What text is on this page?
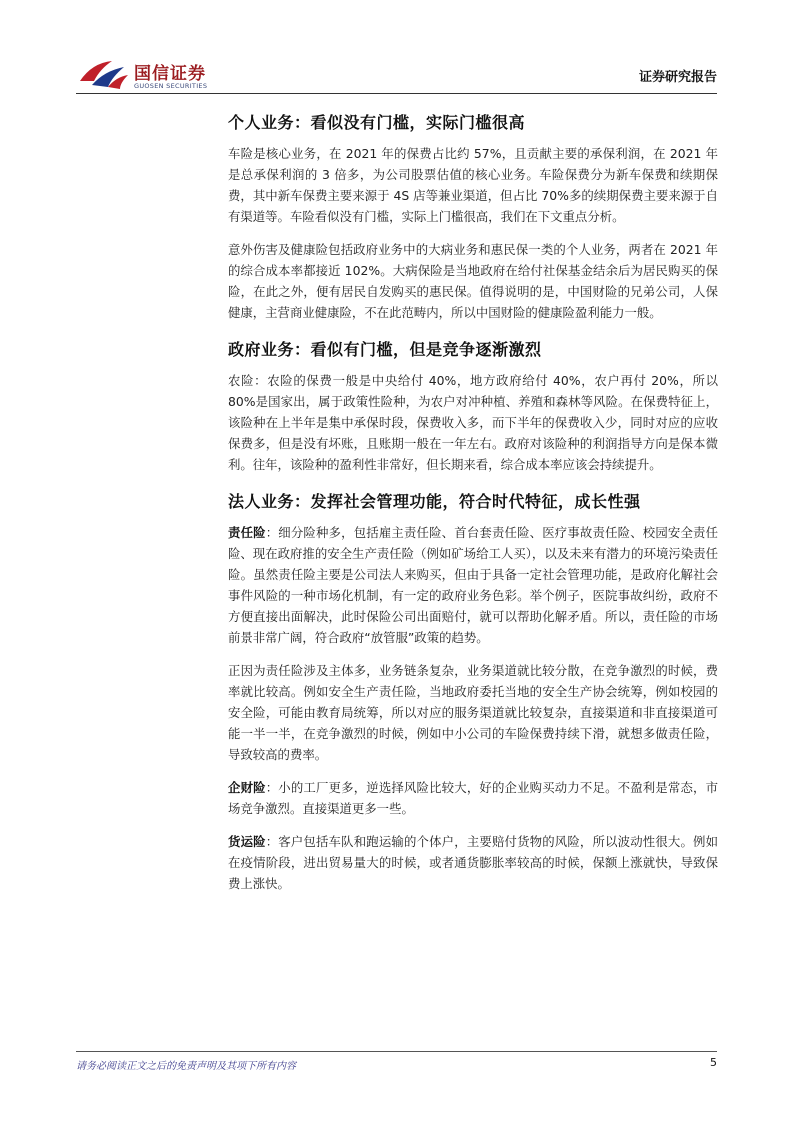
国信证券
GUOSEN SECURITIES
证券研究报告
个人业务：看似没有门槛，实际门槛很高

车险是核心业务，在 2021 年的保费占比约 57%，且贡献主要的承保利润，在 2021 年是总承保利润的 3 倍多，为公司股票估值的核心业务。车险保费分为新车保费和续期保费，其中新车保费主要来源于 4S 店等兼业渠道，但占比 70%多的续期保费主要来源于自有渠道等。车险看似没有门槛，实际上门槛很高，我们在下文重点分析。

意外伤害及健康险包括政府业务中的大病业务和惠民保一类的个人业务，两者在 2021 年的综合成本率都接近 102%。大病保险是当地政府在给付社保基金结余后为居民购买的保险，在此之外，便有居民自发购买的惠民保。值得说明的是，中国财险的兄弟公司，人保健康，主营商业健康险，不在此范畴内，所以中国财险的健康险盈利能力一般。

政府业务：看似有门槛，但是竞争逐渐激烈

农险：农险的保费一般是中央给付 40%，地方政府给付 40%，农户再付 20%，所以 80%是国家出，属于政策性险种，为农户对冲种植、养殖和森林等风险。在保费特征上，该险种在上半年是集中承保时段，保费收入多，而下半年的保费收入少，同时对应的应收保费多，但是没有坏账，且账期一般在一年左右。政府对该险种的利润指导方向是保本微利。往年，该险种的盈利性非常好，但长期来看，综合成本率应该会持续提升。

法人业务：发挥社会管理功能，符合时代特征，成长性强

责任险：细分险种多，包括雇主责任险、首台套责任险、医疗事故责任险、校园安全责任险、现在政府推的安全生产责任险（例如矿场给工人买），以及未来有潜力的环境污染责任险。虽然责任险主要是公司法人来购买，但由于具备一定社会管理功能，是政府化解社会事件风险的一种市场化机制，有一定的政府业务色彩。举个例子，医院事故纠纷，政府不方便直接出面解决，此时保险公司出面赔付，就可以帮助化解矛盾。所以，责任险的市场前景非常广阔，符合政府“放管服”政策的趋势。

正因为责任险涉及主体多，业务链条复杂，业务渠道就比较分散，在竞争激烈的时候，费率就比较高。例如安全生产责任险，当地政府委托当地的安全生产协会统筹，例如校园的安全险，可能由教育局统筹，所以对应的服务渠道就比较复杂，直接渠道和非直接渠道可能一半一半，在竞争激烈的时候，例如中小公司的车险保费持续下滑，就想多做责任险，导致较高的费率。

企财险：小的工厂更多，逆选择风险比较大，好的企业购买动力不足。不盈利是常态，市场竞争激烈。直接渠道更多一些。

货运险：客户包括车队和跑运输的个体户，主要赔付货物的风险，所以波动性很大。例如在疫情阶段，进出贸易量大的时候，或者通货膨胀率较高的时候，保额上涨就快，导致保费上涨快。

请务必阅读正文之后的免责声明及其项下所有内容	5
